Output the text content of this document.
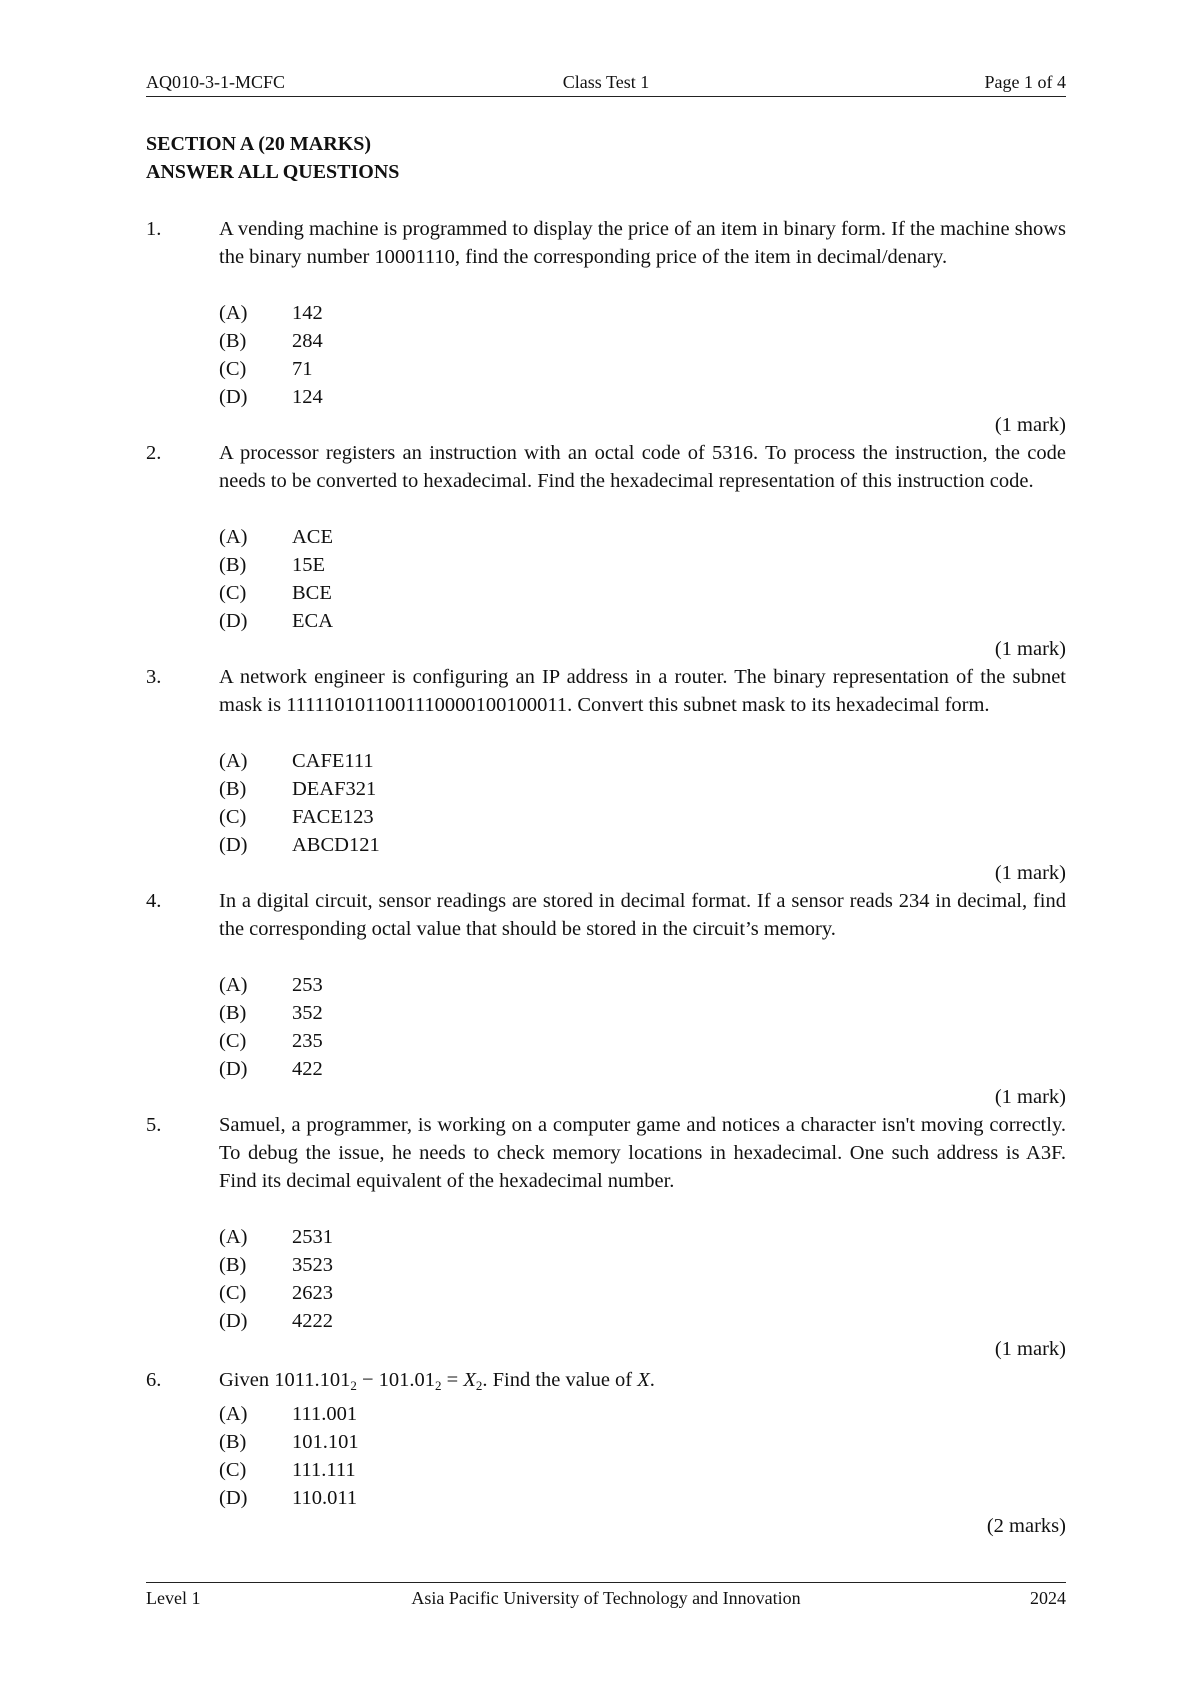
AQ010-3-1-MCFC	Class Test 1	Page 1 of 4
SECTION A (20 MARKS)
ANSWER ALL QUESTIONS
1.	A vending machine is programmed to display the price of an item in binary form. If the machine shows the binary number 10001110, find the corresponding price of the item in decimal/denary.
(A) 142
(B) 284
(C) 71
(D) 124
(1 mark)
2.	A processor registers an instruction with an octal code of 5316. To process the instruction, the code needs to be converted to hexadecimal. Find the hexadecimal representation of this instruction code.
(A) ACE
(B) 15E
(C) BCE
(D) ECA
(1 mark)
3.	A network engineer is configuring an IP address in a router. The binary representation of the subnet mask is 1111101011001110000100100011. Convert this subnet mask to its hexadecimal form.
(A) CAFE111
(B) DEAF321
(C) FACE123
(D) ABCD121
(1 mark)
4.	In a digital circuit, sensor readings are stored in decimal format. If a sensor reads 234 in decimal, find the corresponding octal value that should be stored in the circuit’s memory.
(A) 253
(B) 352
(C) 235
(D) 422
(1 mark)
5.	Samuel, a programmer, is working on a computer game and notices a character isn't moving correctly. To debug the issue, he needs to check memory locations in hexadecimal. One such address is A3F. Find its decimal equivalent of the hexadecimal number.
(A) 2531
(B) 3523
(C) 2623
(D) 4222
(1 mark)
6.	Given $1011.101_2 - 101.01_2 = X_2$. Find the value of X.
(A) 111.001
(B) 101.101
(C) 111.111
(D) 110.011
(2 marks)
Level 1	Asia Pacific University of Technology and Innovation	2024
